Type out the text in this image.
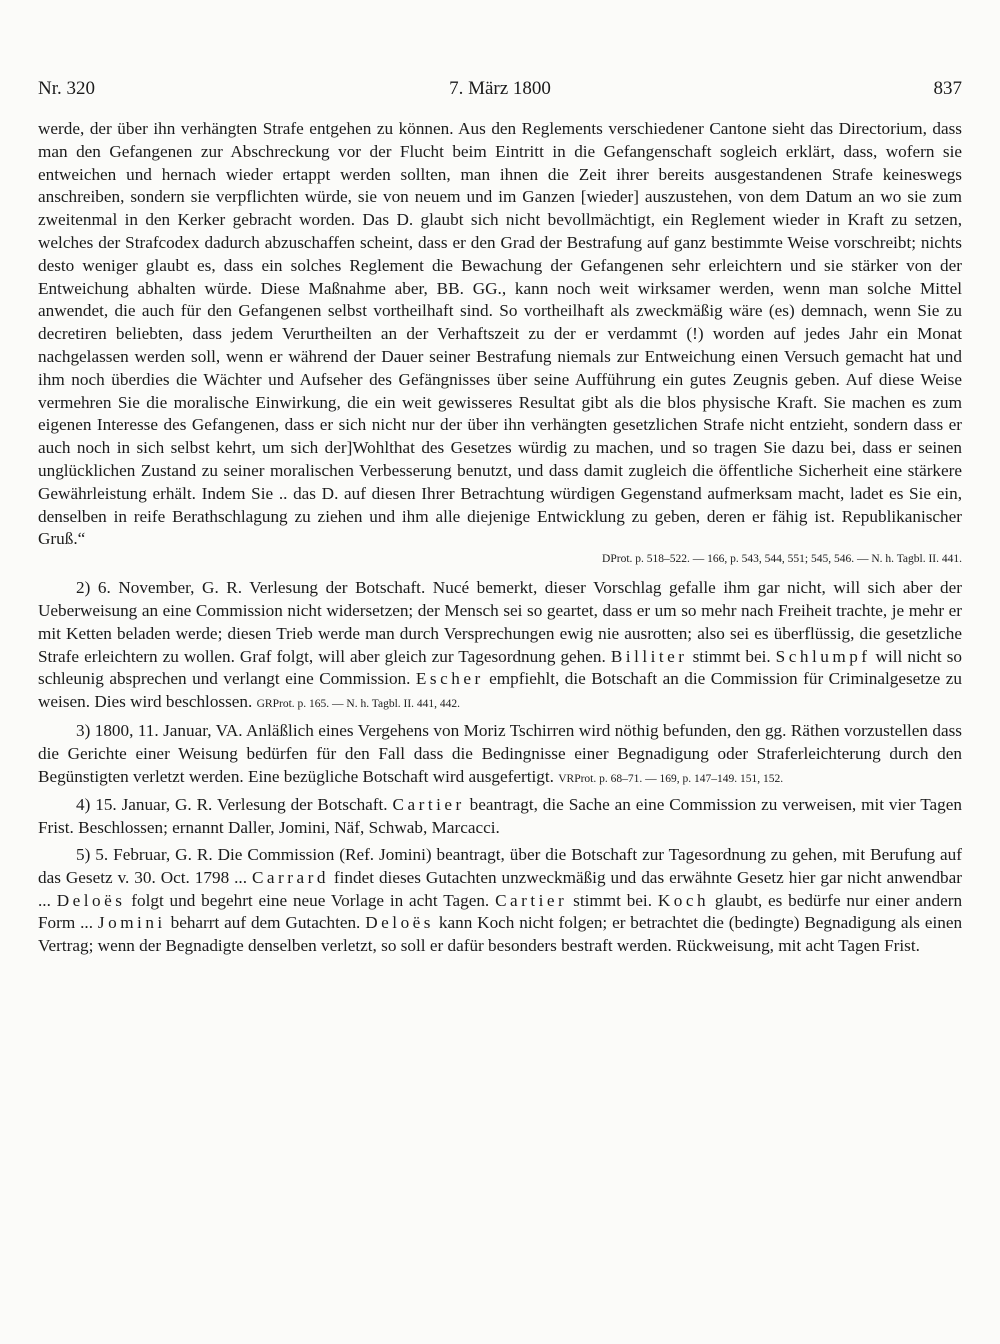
Nr. 320	7. März 1800	837

werde, der über ihn verhängten Strafe entgehen zu können. Aus den Reglements verschiedener Cantone sieht das Directorium, dass man den Gefangenen zur Abschreckung vor der Flucht beim Eintritt in die Gefangenschaft sogleich erklärt, dass, wofern sie entweichen und hernach wieder ertappt werden sollten, man ihnen die Zeit ihrer bereits ausgestandenen Strafe keineswegs anschreiben, sondern sie verpflichten würde, sie von neuem und im Ganzen [wieder] auszustehen, von dem Datum an wo sie zum zweitenmal in den Kerker gebracht worden. Das D. glaubt sich nicht bevollmächtigt, ein Reglement wieder in Kraft zu setzen, welches der Strafcodex dadurch abzuschaffen scheint, dass er den Grad der Bestrafung auf ganz bestimmte Weise vorschreibt; nichts desto weniger glaubt es, dass ein solches Reglement die Bewachung der Gefangenen sehr erleichtern und sie stärker von der Entweichung abhalten würde. Diese Maßnahme aber, BB. GG., kann noch weit wirksamer werden, wenn man solche Mittel anwendet, die auch für den Gefangenen selbst vortheilhaft sind. So vortheilhaft als zweckmäßig wäre (es) demnach, wenn Sie zu decretiren beliebten, dass jedem Verurtheilten an der Verhaftszeit zu der er verdammt (!) worden auf jedes Jahr ein Monat nachgelassen werden soll, wenn er während der Dauer seiner Bestrafung niemals zur Entweichung einen Versuch gemacht hat und ihm noch überdies die Wächter und Aufseher des Gefängnisses über seine Aufführung ein gutes Zeugnis geben. Auf diese Weise vermehren Sie die moralische Einwirkung, die ein weit gewisseres Resultat gibt als die blos physische Kraft. Sie machen es zum eigenen Interesse des Gefangenen, dass er sich nicht nur der über ihn verhängten gesetzlichen Strafe nicht entzieht, sondern dass er auch noch in sich selbst kehrt, um sich der]Wohlthat des Gesetzes würdig zu machen, und so tragen Sie dazu bei, dass er seinen unglücklichen Zustand zu seiner moralischen Verbesserung benutzt, und dass damit zugleich die öffentliche Sicherheit eine stärkere Gewährleistung erhält. Indem Sie .. das D. auf diesen Ihrer Betrachtung würdigen Gegenstand aufmerksam macht, ladet es Sie ein, denselben in reife Berathschlagung zu ziehen und ihm alle diejenige Entwicklung zu geben, deren er fähig ist. Republikanischer Gruß.“

DProt. p. 518–522. — 166, p. 543, 544, 551; 545, 546. — N. h. Tagbl. II. 441.

2) 6. November, G. R. Verlesung der Botschaft. Nucé bemerkt, dieser Vorschlag gefalle ihm gar nicht, will sich aber der Ueberweisung an eine Commission nicht widersetzen; der Mensch sei so geartet, dass er um so mehr nach Freiheit trachte, je mehr er mit Ketten beladen werde; diesen Trieb werde man durch Versprechungen ewig nie ausrotten; also sei es überflüssig, die gesetzliche Strafe erleichtern zu wollen. Graf folgt, will aber gleich zur Tagesordnung gehen. Billiter stimmt bei. Schlumpf will nicht so schleunig absprechen und verlangt eine Commission. Escher empfiehlt, die Botschaft an die Commission für Criminalgesetze zu weisen. Dies wird beschlossen. GRProt. p. 165. — N. h. Tagbl. II. 441, 442.

3) 1800, 11. Januar, VA. Anläßlich eines Vergehens von Moriz Tschirren wird nöthig befunden, den gg. Räthen vorzustellen dass die Gerichte einer Weisung bedürfen für den Fall dass die Bedingnisse einer Begnadigung oder Straferleichterung durch den Begünstigten verletzt werden. Eine bezügliche Botschaft wird ausgefertigt. VRProt. p. 68–71. — 169, p. 147–149. 151, 152.

4) 15. Januar, G. R. Verlesung der Botschaft. Cartier beantragt, die Sache an eine Commission zu verweisen, mit vier Tagen Frist. Beschlossen; ernannt Daller, Jomini, Näf, Schwab, Marcacci.

5) 5. Februar, G. R. Die Commission (Ref. Jomini) beantragt, über die Botschaft zur Tagesordnung zu gehen, mit Berufung auf das Gesetz v. 30. Oct. 1798 ... Carrard findet dieses Gutachten unzweckmäßig und das erwähnte Gesetz hier gar nicht anwendbar ... Deloës folgt und begehrt eine neue Vorlage in acht Tagen. Cartier stimmt bei. Koch glaubt, es bedürfe nur einer andern Form ... Jomini beharrt auf dem Gutachten. Deloës kann Koch nicht folgen; er betrachtet die (bedingte) Begnadigung als einen Vertrag; wenn der Begnadigte denselben verletzt, so soll er dafür besonders bestraft werden. Rückweisung, mit acht Tagen Frist.
